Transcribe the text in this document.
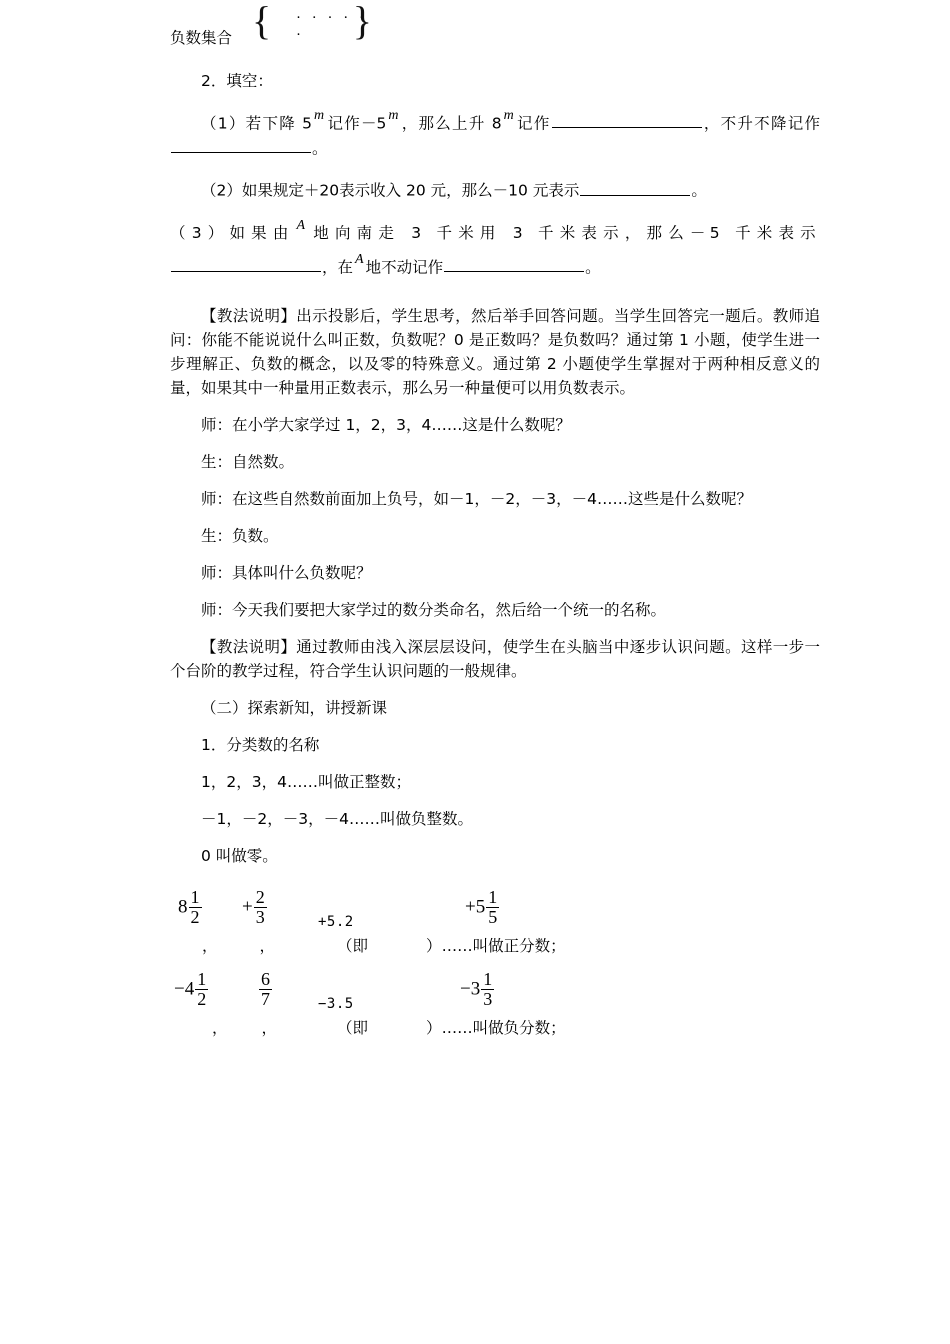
负数集合 { · · · · · ·	}

2．填空：

（1）若下降 5 m 记作－5 m ，那么上升 8 m 记作	，不升不降记作。

（2）如果规定＋20表示收入 20 元，那么－10 元表示	。

（3）如果由 A 地向南走 3 千米用 3 千米表示，那么－5 千米表示

，在 A 地不动记作	。

【教法说明】出示投影后，学生思考，然后举手回答问题。当学生回答完一题后。教师追问：你能不能说说什么叫正数，负数呢？0 是正数吗？是负数吗？通过第 1 小题，使学生进一步理解正、负数的概念，以及零的特殊意义。通过第 2 小题使学生掌握对于两种相反意义的量，如果其中一种量用正数表示，那么另一种量便可以用负数表示。

师：在小学大家学过 1，2，3，4……这是什么数呢？

生：自然数。

师：在这些自然数前面加上负号，如－1，－2，－3，－4……这些是什么数呢？

生：负数。

师：具体叫什么负数呢？

师：今天我们要把大家学过的数分类命名，然后给一个统一的名称。

【教法说明】通过教师由浅入深层层设问，使学生在头脑当中逐步认识问题。这样一步一个台阶的教学过程，符合学生认识问题的一般规律。

（二）探索新知，讲授新课

1．分类数的名称

1，2，3，4……叫做正整数；

－1，－2，－3，－4……叫做负整数。

0 叫做零。

$8 \frac{1}{2} + \frac{2}{3}$	+5.2
$+5 \frac{1}{5}$
，	，	（即	）……叫做正分数；
$-4 \frac{1}{2}$	$\frac{6}{7}$	−3.5
$-3 \frac{1}{3}$
， ，	（即	）……叫做负分数；
